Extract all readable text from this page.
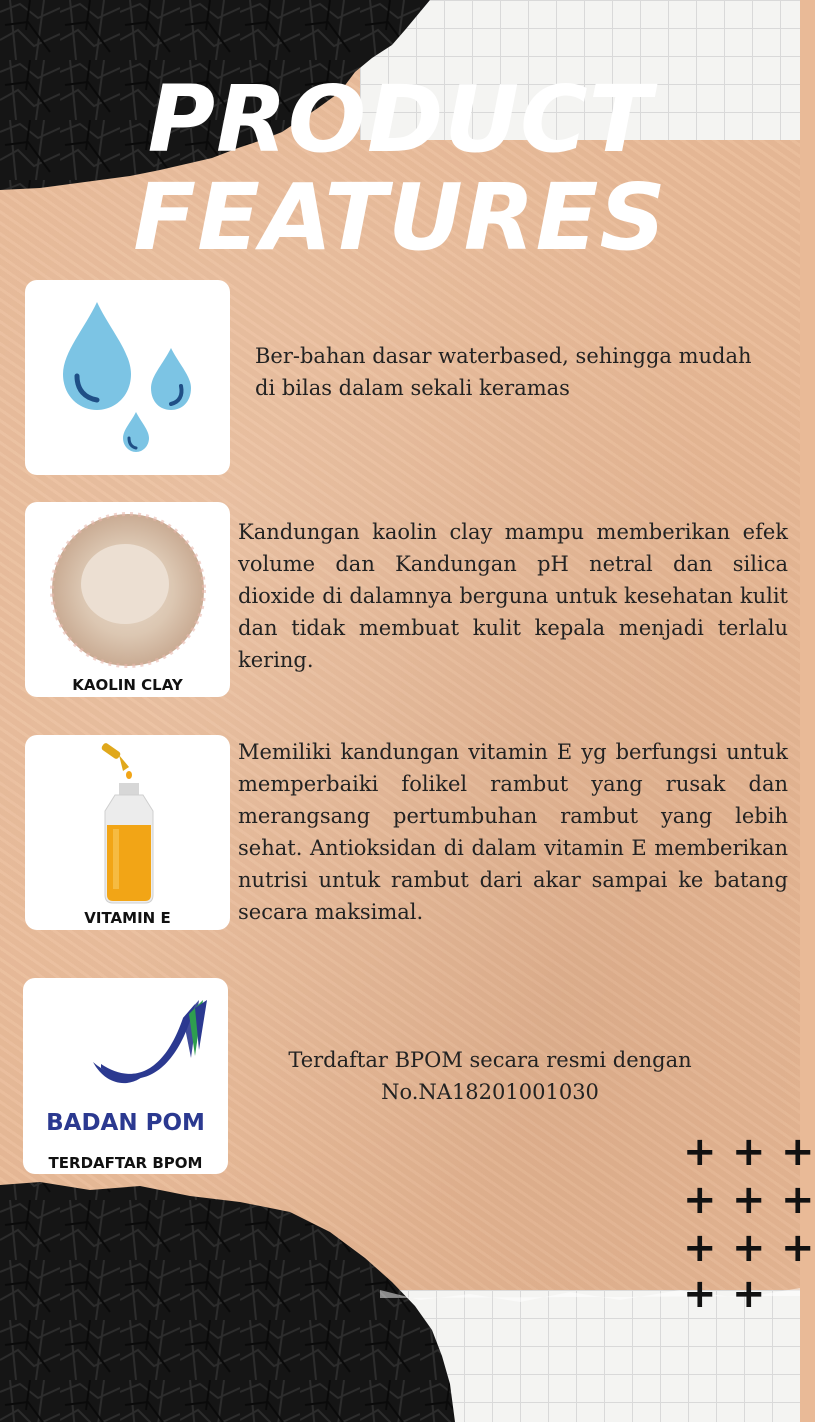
PRODUCT
FEATURES
Ber-bahan dasar waterbased, sehingga mudah di bilas dalam sekali keramas
KAOLIN CLAY
Kandungan kaolin clay mampu memberikan efek volume dan Kandungan pH netral dan silica dioxide di dalamnya berguna untuk kesehatan kulit dan tidak membuat kulit kepala menjadi terlalu kering.
VITAMIN E
Memiliki kandungan vitamin E yg berfungsi untuk memperbaiki folikel rambut yang rusak dan merangsang pertumbuhan rambut yang lebih sehat. Antioksidan di dalam vitamin E memberikan nutrisi untuk rambut dari akar sampai ke batang secara maksimal.
BADAN POM
TERDAFTAR BPOM
Terdaftar BPOM secara resmi dengan
No.NA18201001030
+ + +
+ + +
+ + +
+ +
